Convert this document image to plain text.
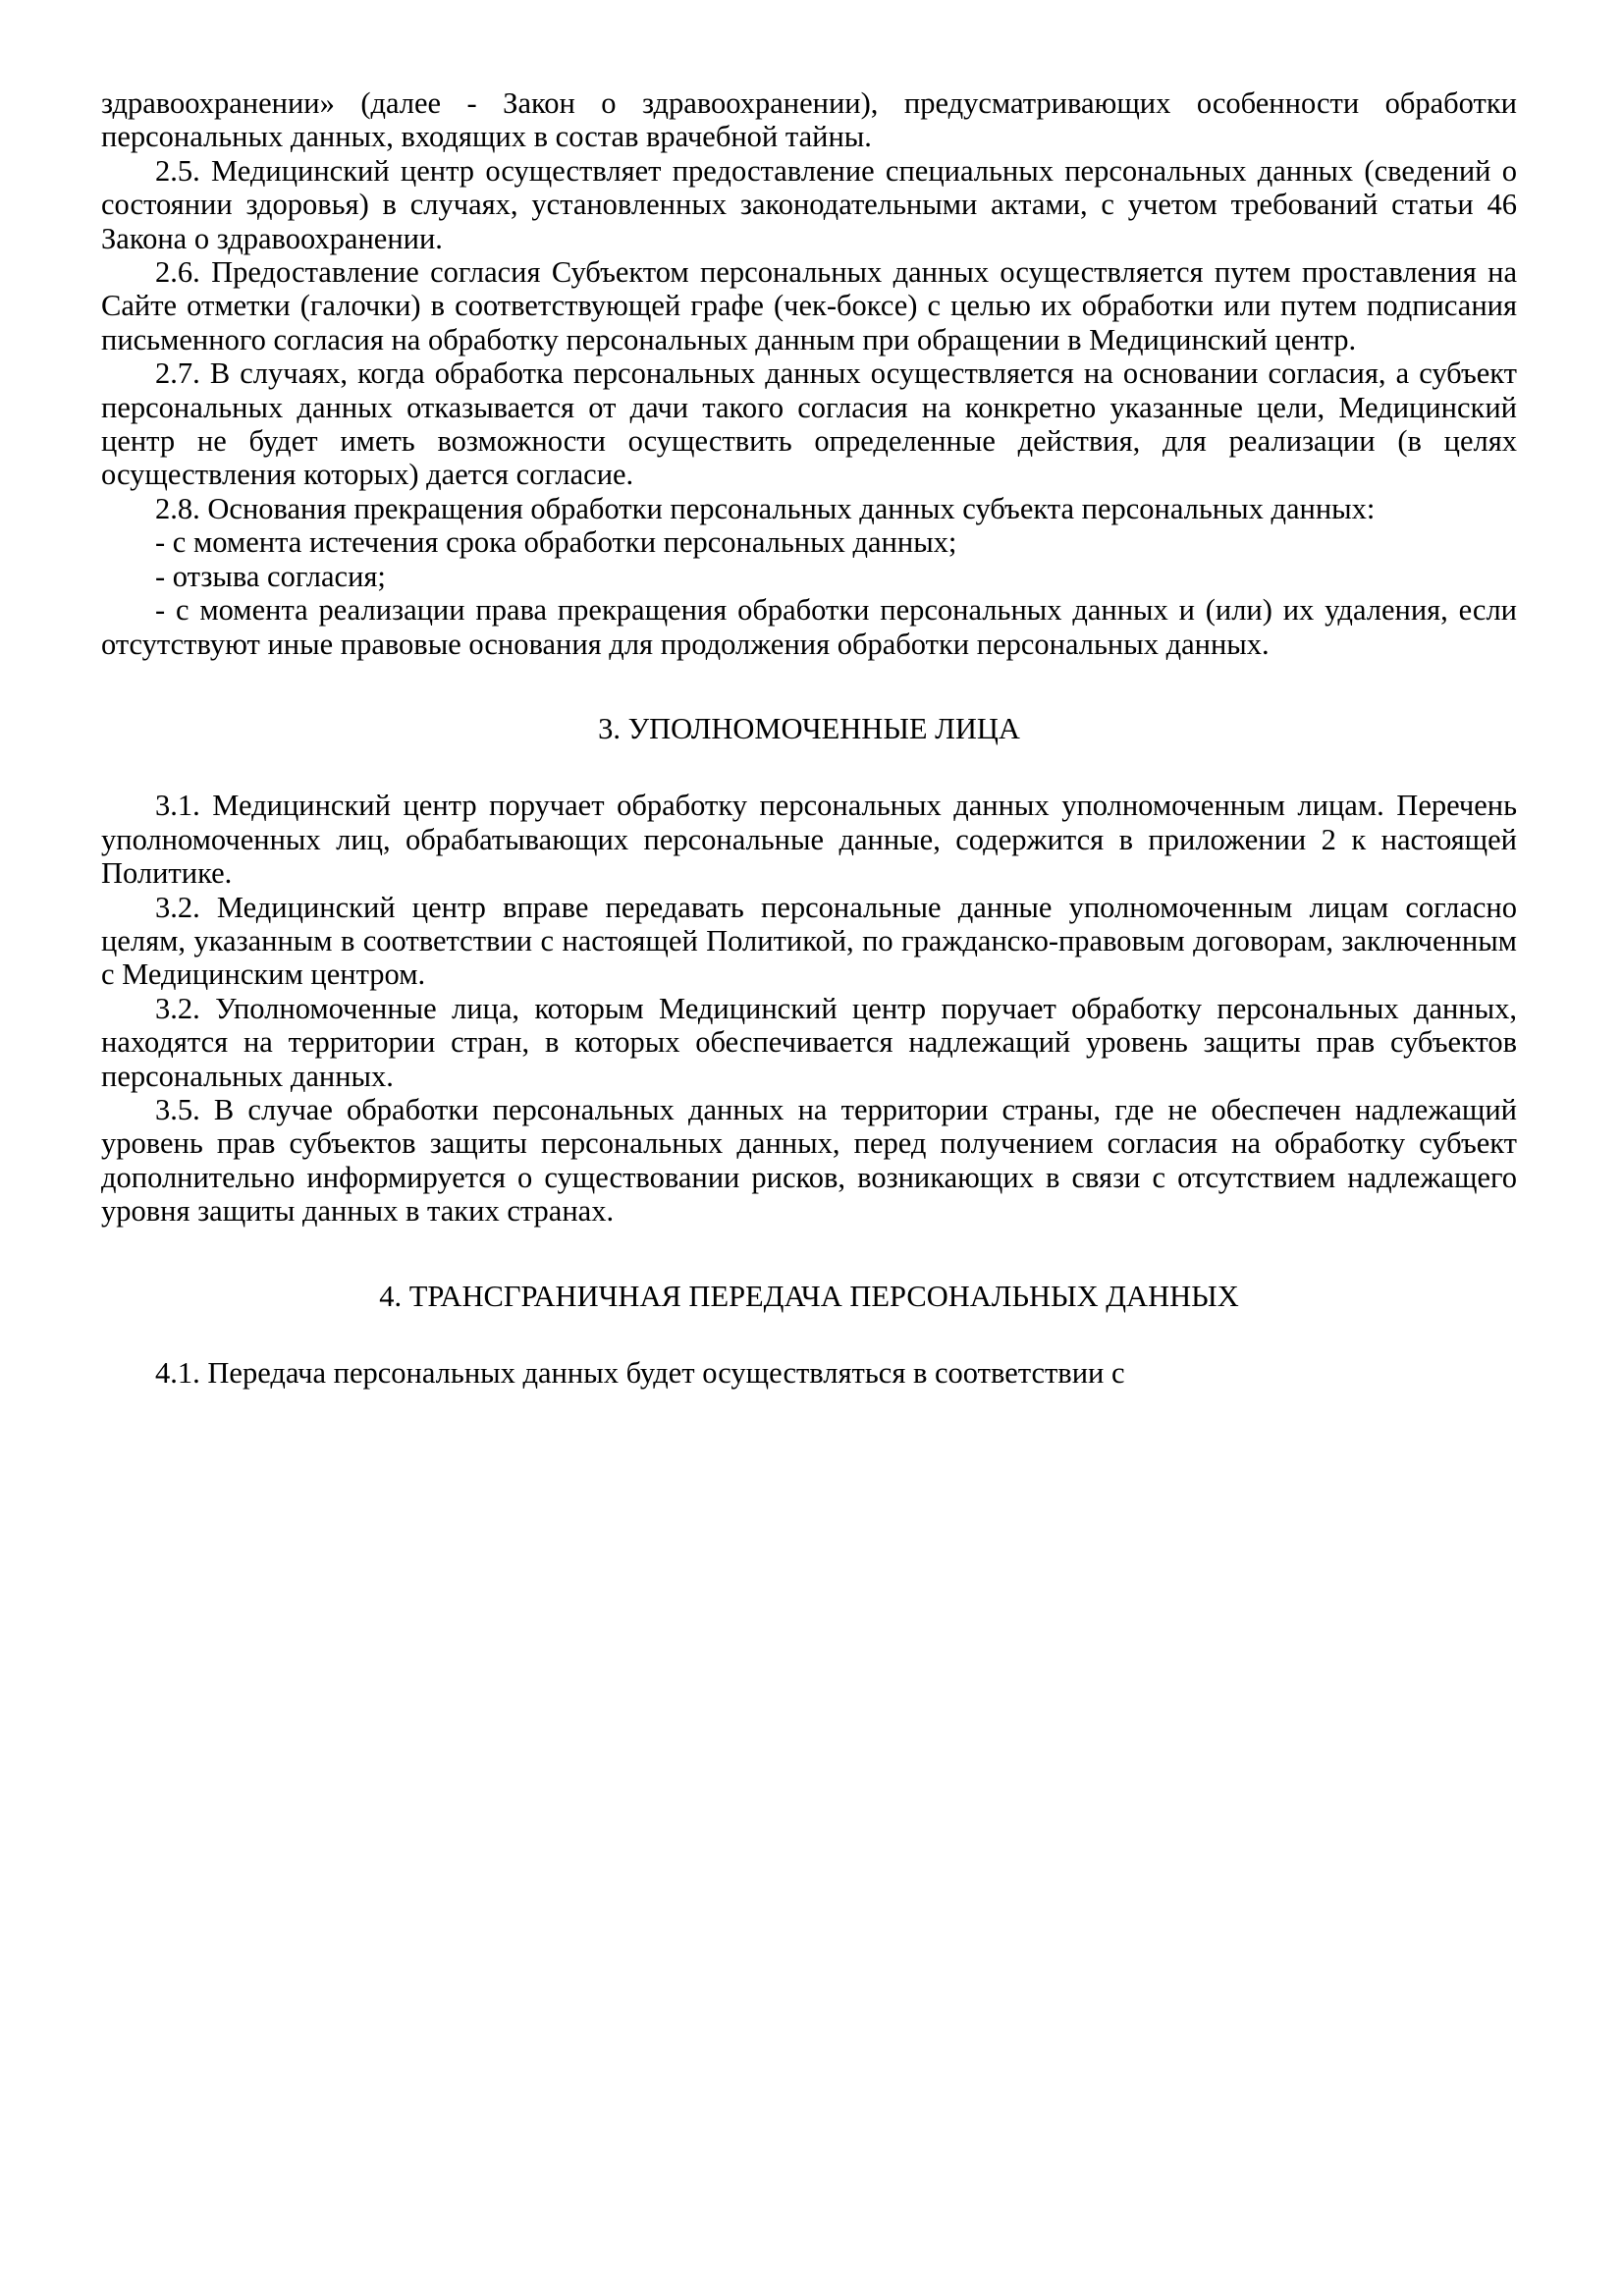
здравоохранении» (далее - Закон о здравоохранении), предусматривающих особенности обработки персональных данных, входящих в состав врачебной тайны.

2.5. Медицинский центр осуществляет предоставление специальных персональных данных (сведений о состоянии здоровья) в случаях, установленных законодательными актами, с учетом требований статьи 46 Закона о здравоохранении.

2.6. Предоставление согласия Субъектом персональных данных осуществляется путем проставления на Сайте отметки (галочки) в соответствующей графе (чек-боксе) с целью их обработки или путем подписания письменного согласия на обработку персональных данным при обращении в Медицинский центр.

2.7. В случаях, когда обработка персональных данных осуществляется на основании согласия, а субъект персональных данных отказывается от дачи такого согласия на конкретно указанные цели, Медицинский центр не будет иметь возможности осуществить определенные действия, для реализации (в целях осуществления которых) дается согласие.

2.8. Основания прекращения обработки персональных данных субъекта персональных данных:

- с момента истечения срока обработки персональных данных;

- отзыва согласия;

- с момента реализации права прекращения обработки персональных данных и (или) их удаления, если отсутствуют иные правовые основания для продолжения обработки персональных данных.

3. УПОЛНОМОЧЕННЫЕ ЛИЦА

3.1. Медицинский центр поручает обработку персональных данных уполномоченным лицам. Перечень уполномоченных лиц, обрабатывающих персональные данные, содержится в приложении 2 к настоящей Политике.

3.2. Медицинский центр вправе передавать персональные данные уполномоченным лицам согласно целям, указанным в соответствии с настоящей Политикой, по гражданско-правовым договорам, заключенным с Медицинским центром.

3.2. Уполномоченные лица, которым Медицинский центр поручает обработку персональных данных, находятся на территории стран, в которых обеспечивается надлежащий уровень защиты прав субъектов персональных данных.

3.5. В случае обработки персональных данных на территории страны, где не обеспечен надлежащий уровень прав субъектов защиты персональных данных, перед получением согласия на обработку субъект дополнительно информируется о существовании рисков, возникающих в связи с отсутствием надлежащего уровня защиты данных в таких странах.

4. ТРАНСГРАНИЧНАЯ ПЕРЕДАЧА ПЕРСОНАЛЬНЫХ ДАННЫХ

4.1. Передача персональных данных будет осуществляться в соответствии с
